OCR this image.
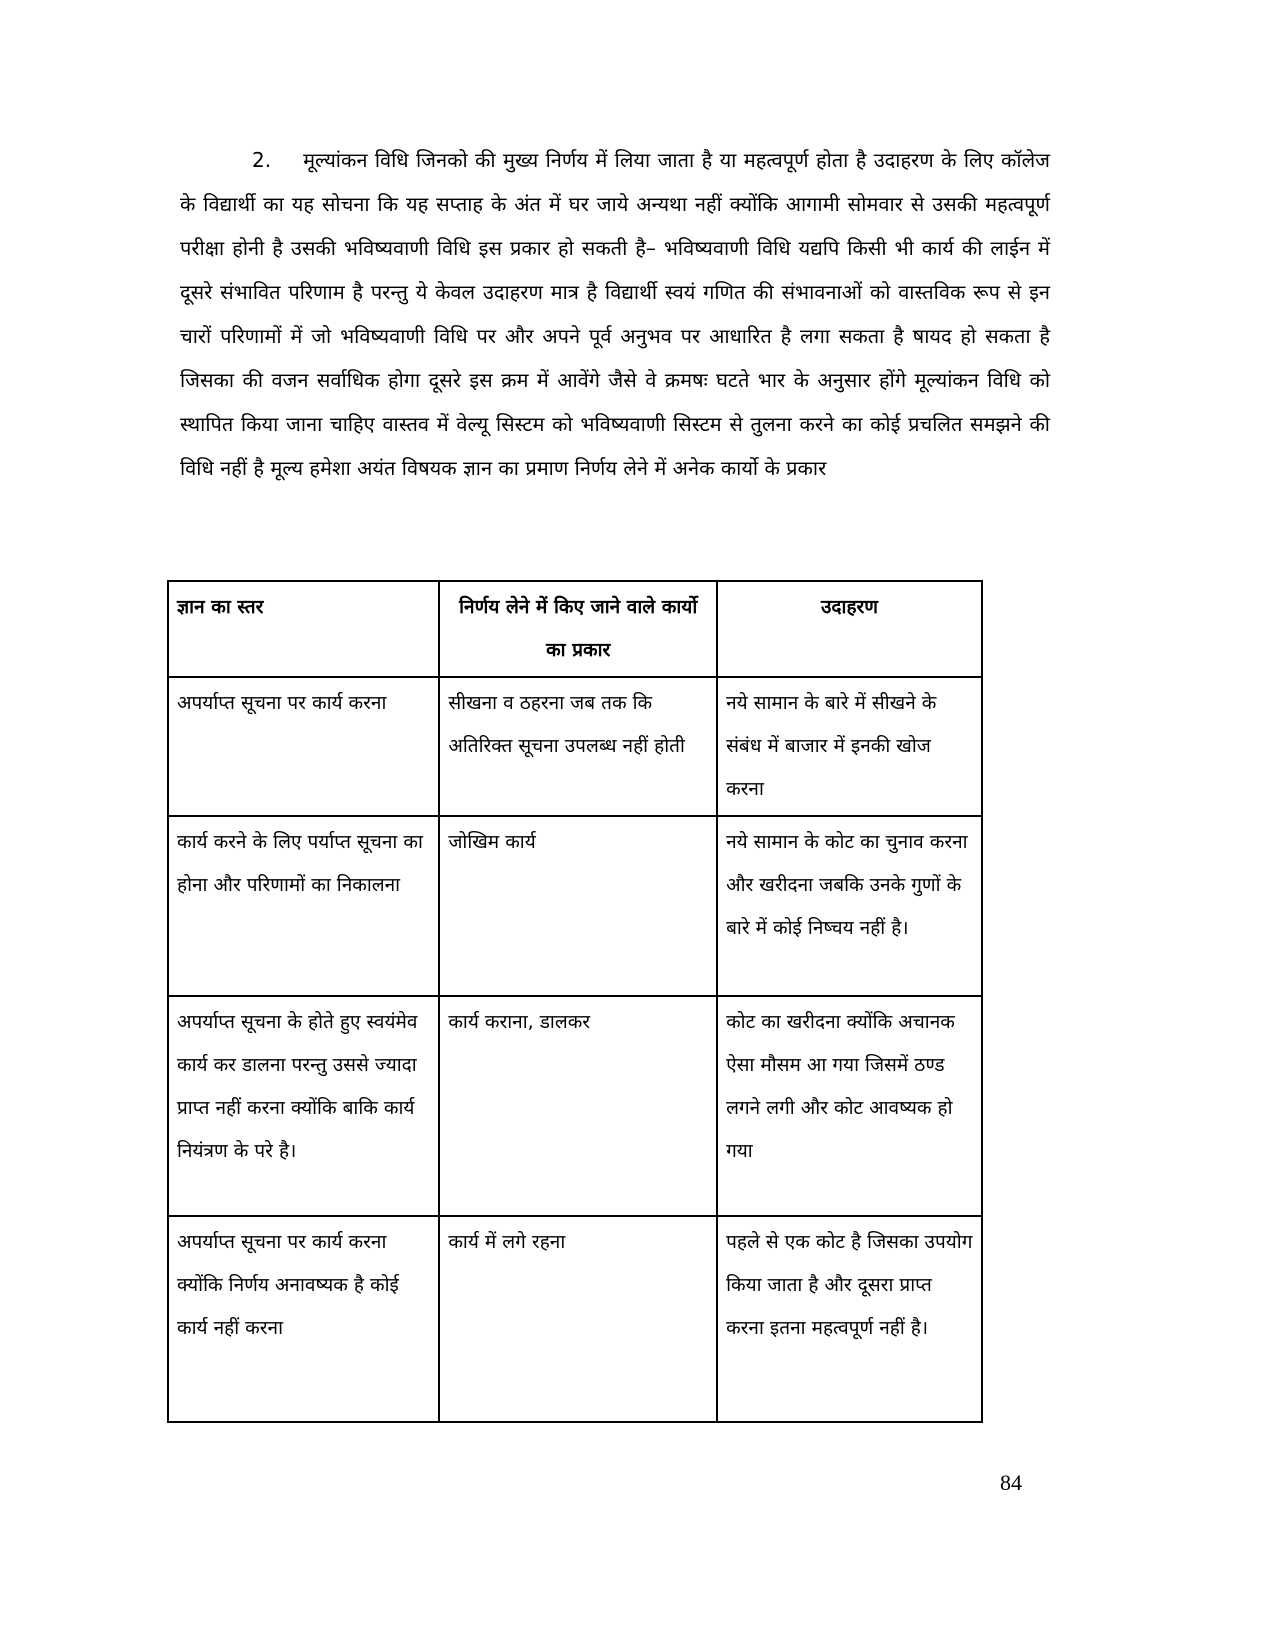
2. मूल्यांकन विधि जिनको की मुख्य निर्णय में लिया जाता है या महत्वपूर्ण होता है उदाहरण के लिए कॉलेज के विद्यार्थी का यह सोचना कि यह सप्ताह के अंत में घर जाये अन्यथा नहीं क्योंकि आगामी सोमवार से उसकी महत्वपूर्ण परीक्षा होनी है उसकी भविष्यवाणी विधि इस प्रकार हो सकती है– भविष्यवाणी विधि यद्यपि किसी भी कार्य की लाईन में दूसरे संभावित परिणाम है परन्तु ये केवल उदाहरण मात्र है विद्यार्थी स्वयं गणित की संभावनाओं को वास्तविक रूप से इन चारों परिणामों में जो भविष्यवाणी विधि पर और अपने पूर्व अनुभव पर आधारित है लगा सकता है षायद हो सकता है जिसका की वजन सर्वाधिक होगा दूसरे इस क्रम में आवेंगे जैसे वे क्रमषः घटते भार के अनुसार होंगे मूल्यांकन विधि को स्थापित किया जाना चाहिए वास्तव में वेल्यू सिस्टम को भविष्यवाणी सिस्टम से तुलना करने का कोई प्रचलित समझने की विधि नहीं है मूल्य हमेशा अयंत विषयक ज्ञान का प्रमाण निर्णय लेने में अनेक कार्यो के प्रकार

ज्ञान का स्तर	निर्णय लेने में किए जाने वाले कार्यो का प्रकार	उदाहरण
अपर्याप्त सूचना पर कार्य करना	सीखना व ठहरना जब तक कि अतिरिक्त सूचना उपलब्ध नहीं होती	नये सामान के बारे में सीखने के संबंध में बाजार में इनकी खोज करना
कार्य करने के लिए पर्याप्त सूचना का होना और परिणामों का निकालना	जोखिम कार्य	नये सामान के कोट का चुनाव करना और खरीदना जबकि उनके गुणों के बारे में कोई निष्चय नहीं है।
अपर्याप्त सूचना के होते हुए स्वयंमेव कार्य कर डालना परन्तु उससे ज्यादा प्राप्त नहीं करना क्योंकि बाकि कार्य नियंत्रण के परे है।	कार्य कराना, डालकर	कोट का खरीदना क्योंकि अचानक ऐसा मौसम आ गया जिसमें ठण्ड लगने लगी और कोट आवष्यक हो गया
अपर्याप्त सूचना पर कार्य करना क्योंकि निर्णय अनावष्यक है कोई कार्य नहीं करना	कार्य में लगे रहना	पहले से एक कोट है जिसका उपयोग किया जाता है और दूसरा प्राप्त करना इतना महत्वपूर्ण नहीं है।
84
